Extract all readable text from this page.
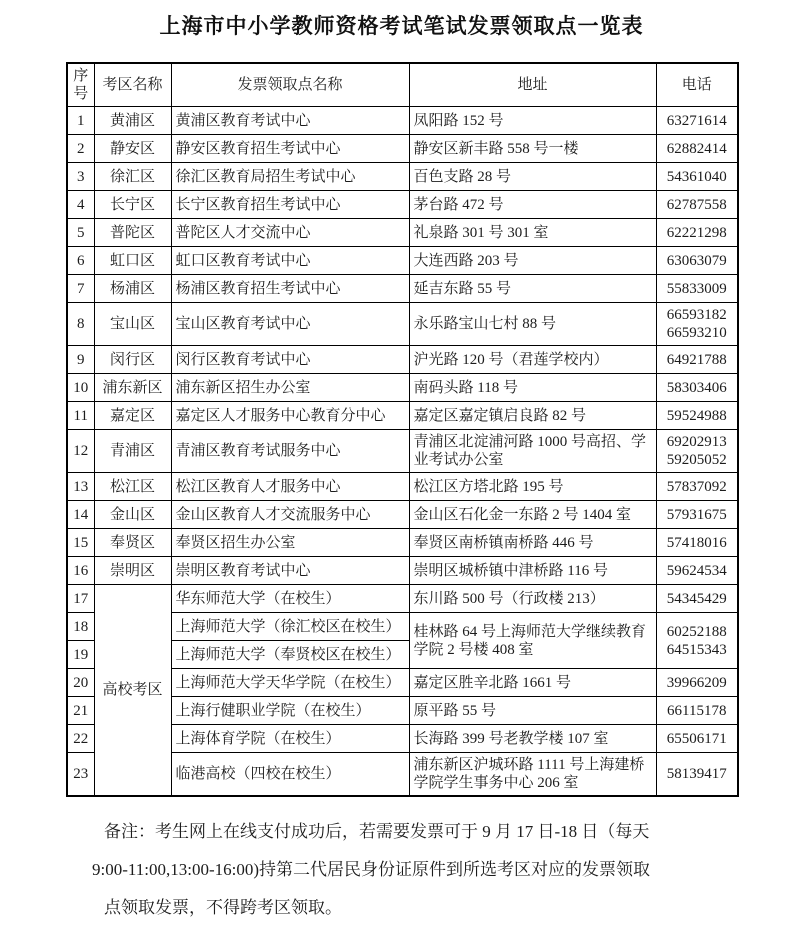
上海市中小学教师资格考试笔试发票领取点一览表
序号	考区名称	发票领取点名称	地址	电话
1	黄浦区	黄浦区教育考试中心	凤阳路 152 号	63271614
2	静安区	静安区教育招生考试中心	静安区新丰路 558 号一楼	62882414
3	徐汇区	徐汇区教育局招生考试中心	百色支路 28 号	54361040
4	长宁区	长宁区教育招生考试中心	茅台路 472 号	62787558
5	普陀区	普陀区人才交流中心	礼泉路 301 号 301 室	62221298
6	虹口区	虹口区教育考试中心	大连西路 203 号	63063079
7	杨浦区	杨浦区教育招生考试中心	延吉东路 55 号	55833009
8	宝山区	宝山区教育考试中心	永乐路宝山七村 88 号	66593182
66593210
9	闵行区	闵行区教育考试中心	沪光路 120 号（君莲学校内）	64921788
10	浦东新区	浦东新区招生办公室	南码头路 118 号	58303406
11	嘉定区	嘉定区人才服务中心教育分中心	嘉定区嘉定镇启良路 82 号	59524988
12	青浦区	青浦区教育考试服务中心	青浦区北淀浦河路 1000 号高招、学业考试办公室	69202913
59205052
13	松江区	松江区教育人才服务中心	松江区方塔北路 195 号	57837092
14	金山区	金山区教育人才交流服务中心	金山区石化金一东路 2 号 1404 室	57931675
15	奉贤区	奉贤区招生办公室	奉贤区南桥镇南桥路 446 号	57418016
16	崇明区	崇明区教育考试中心	崇明区城桥镇中津桥路 116 号	59624534
17	高校考区	华东师范大学（在校生）	东川路 500 号（行政楼 213）	54345429
18		上海师范大学（徐汇校区在校生）	桂林路 64 号上海师范大学继续教育学院 2 号楼 408 室	60252188
64515343
19		上海师范大学（奉贤校区在校生）		
20		上海师范大学天华学院（在校生）	嘉定区胜辛北路 1661 号	39966209
21		上海行健职业学院（在校生）	原平路 55 号	66115178
22		上海体育学院（在校生）	长海路 399 号老教学楼 107 室	65506171
23		临港高校（四校在校生）	浦东新区沪城环路 1111 号上海建桥学院学生事务中心 206 室	58139417
备注：考生网上在线支付成功后，若需要发票可于 9 月 17 日-18 日（每天
9:00-11:00,13:00-16:00)持第二代居民身份证原件到所选考区对应的发票领取
点领取发票，不得跨考区领取。
